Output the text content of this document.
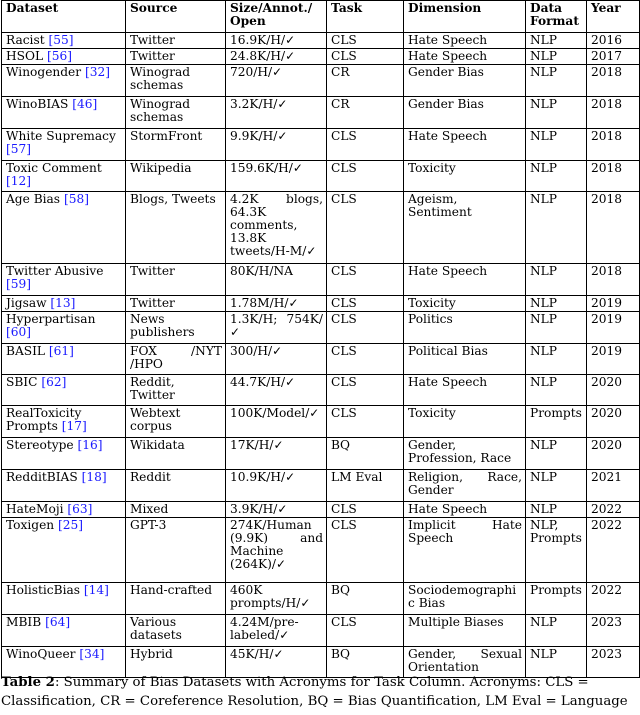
Dataset	Source	Size/Annot./ Open	Task	Dimension	Data Format	Year
Racist [55]	Twitter	16.9K/H/✓	CLS	Hate Speech	NLP	2016
HSOL [56]	Twitter	24.8K/H/✓	CLS	Hate Speech	NLP	2017
Winogender [32]	Winograd schemas	720/H/✓	CR	Gender Bias	NLP	2018
WinoBIAS [46]	Winograd schemas	3.2K/H/✓	CR	Gender Bias	NLP	2018
White Supremacy [57]	StormFront	9.9K/H/✓	CLS	Hate Speech	NLP	2018
Toxic Comment [12]	Wikipedia	159.6K/H/✓	CLS	Toxicity	NLP	2018
Age Bias [58]	Blogs, Tweets	4.2K blogs, 64.3K comments, 13.8K tweets/H-M/✓	CLS	Ageism, Sentiment	NLP	2018
Twitter Abusive [59]	Twitter	80K/H/NA	CLS	Hate Speech	NLP	2018
Jigsaw [13]	Twitter	1.78M/H/✓	CLS	Toxicity	NLP	2019
Hyperpartisan [60]	News publishers	1.3K/H; 754K/✓	CLS	Politics	NLP	2019
BASIL [61]	FOX /NYT /HPO	300/H/✓	CLS	Political Bias	NLP	2019
SBIC [62]	Reddit, Twitter	44.7K/H/✓	CLS	Hate Speech	NLP	2020
RealToxicity Prompts [17]	Webtext corpus	100K/Model/✓	CLS	Toxicity	Prompts	2020
Stereotype [16]	Wikidata	17K/H/✓	BQ	Gender, Profession, Race	NLP	2020
RedditBIAS [18]	Reddit	10.9K/H/✓	LM Eval	Religion, Race, Gender	NLP	2021
HateMoji [63]	Mixed	3.9K/H/✓	CLS	Hate Speech	NLP	2022
Toxigen [25]	GPT-3	274K/Human (9.9K) and Machine (264K)/✓	CLS	Implicit Hate Speech	NLP, Prompts	2022
HolisticBias [14]	Hand-crafted	460K prompts/H/✓	BQ	Sociodemographic Bias	Prompts	2022
MBIB [64]	Various datasets	4.24M/pre-labeled/✓	CLS	Multiple Biases	NLP	2023
WinoQueer [34]	Hybrid	45K/H/✓	BQ	Gender, Sexual Orientation	NLP	2023
Table 2: Summary of Bias Datasets with Acronyms for Task Column. Acronyms: CLS =
Classification, CR = Coreference Resolution, BQ = Bias Quantification, LM Eval = Language
